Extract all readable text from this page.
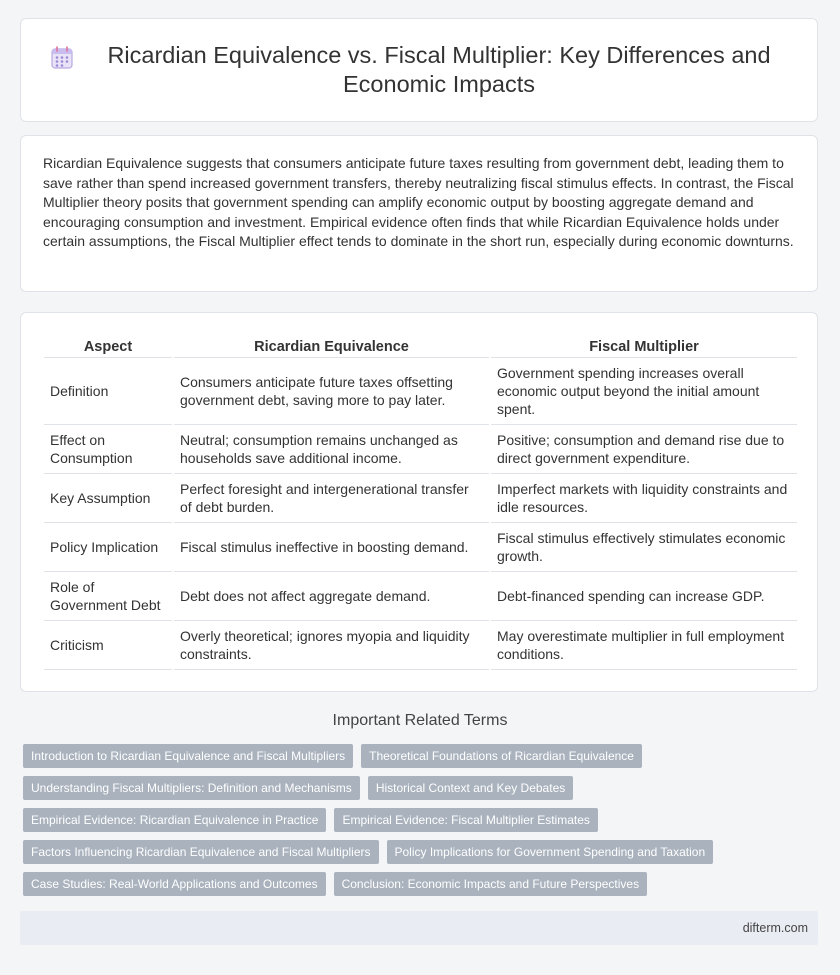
Ricardian Equivalence vs. Fiscal Multiplier: Key Differences and Economic Impacts

Ricardian Equivalence suggests that consumers anticipate future taxes resulting from government debt, leading them to save rather than spend increased government transfers, thereby neutralizing fiscal stimulus effects. In contrast, the Fiscal Multiplier theory posits that government spending can amplify economic output by boosting aggregate demand and encouraging consumption and investment. Empirical evidence often finds that while Ricardian Equivalence holds under certain assumptions, the Fiscal Multiplier effect tends to dominate in the short run, especially during economic downturns.

Aspect	Ricardian Equivalence	Fiscal Multiplier
Definition	Consumers anticipate future taxes offsetting government debt, saving more to pay later.	Government spending increases overall economic output beyond the initial amount spent.
Effect on Consumption	Neutral; consumption remains unchanged as households save additional income.	Positive; consumption and demand rise due to direct government expenditure.
Key Assumption	Perfect foresight and intergenerational transfer of debt burden.	Imperfect markets with liquidity constraints and idle resources.
Policy Implication	Fiscal stimulus ineffective in boosting demand.	Fiscal stimulus effectively stimulates economic growth.
Role of Government Debt	Debt does not affect aggregate demand.	Debt-financed spending can increase GDP.
Criticism	Overly theoretical; ignores myopia and liquidity constraints.	May overestimate multiplier in full employment conditions.
Important Related Terms
Introduction to Ricardian Equivalence and Fiscal Multipliers	Theoretical Foundations of Ricardian Equivalence
Understanding Fiscal Multipliers: Definition and Mechanisms	Historical Context and Key Debates
Empirical Evidence: Ricardian Equivalence in Practice	Empirical Evidence: Fiscal Multiplier Estimates
Factors Influencing Ricardian Equivalence and Fiscal Multipliers	Policy Implications for Government Spending and Taxation
Case Studies: Real-World Applications and Outcomes	Conclusion: Economic Impacts and Future Perspectives
difterm.com
